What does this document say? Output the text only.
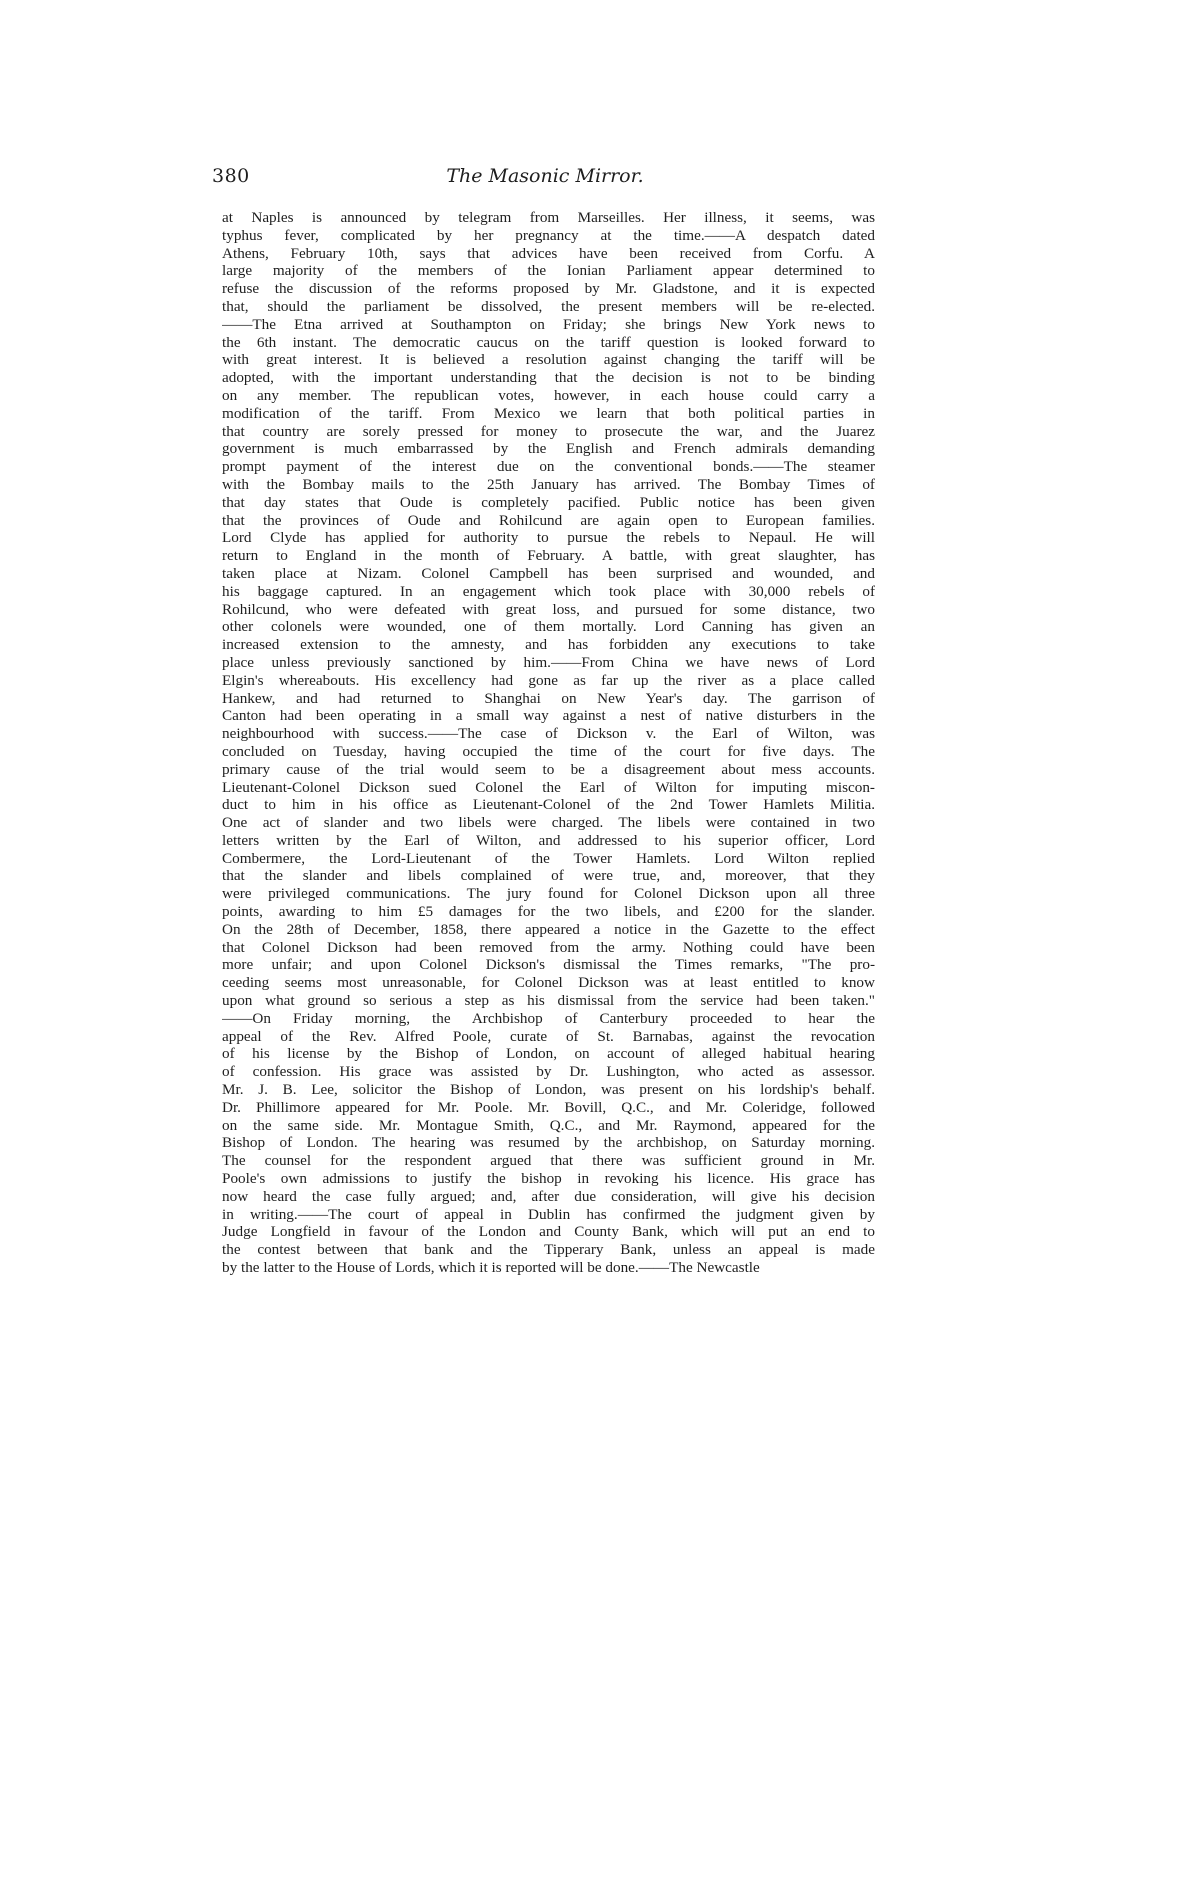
380	The Masonic Mirror.
at Naples is announced by telegram from Marseilles. Her illness, it seems, was
typhus fever, complicated by her pregnancy at the time.——A despatch dated
Athens, February 10th, says that advices have been received from Corfu. A
large majority of the members of the Ionian Parliament appear determined to
refuse the discussion of the reforms proposed by Mr. Gladstone, and it is expected
that, should the parliament be dissolved, the present members will be re-elected.
——The Etna arrived at Southampton on Friday; she brings New York news to
the 6th instant. The democratic caucus on the tariff question is looked forward to
with great interest. It is believed a resolution against changing the tariff will be
adopted, with the important understanding that the decision is not to be binding
on any member. The republican votes, however, in each house could carry a
modification of the tariff. From Mexico we learn that both political parties in
that country are sorely pressed for money to prosecute the war, and the Juarez
government is much embarrassed by the English and French admirals demanding
prompt payment of the interest due on the conventional bonds.——The steamer
with the Bombay mails to the 25th January has arrived. The Bombay Times of
that day states that Oude is completely pacified. Public notice has been given
that the provinces of Oude and Rohilcund are again open to European families.
Lord Clyde has applied for authority to pursue the rebels to Nepaul. He will
return to England in the month of February. A battle, with great slaughter, has
taken place at Nizam. Colonel Campbell has been surprised and wounded, and
his baggage captured. In an engagement which took place with 30,000 rebels of
Rohilcund, who were defeated with great loss, and pursued for some distance, two
other colonels were wounded, one of them mortally. Lord Canning has given an
increased extension to the amnesty, and has forbidden any executions to take
place unless previously sanctioned by him.——From China we have news of Lord
Elgin's whereabouts. His excellency had gone as far up the river as a place called
Hankew, and had returned to Shanghai on New Year's day. The garrison of
Canton had been operating in a small way against a nest of native disturbers in the
neighbourhood with success.——The case of Dickson v. the Earl of Wilton, was
concluded on Tuesday, having occupied the time of the court for five days. The
primary cause of the trial would seem to be a disagreement about mess accounts.
Lieutenant-Colonel Dickson sued Colonel the Earl of Wilton for imputing miscon-
duct to him in his office as Lieutenant-Colonel of the 2nd Tower Hamlets Militia.
One act of slander and two libels were charged. The libels were contained in two
letters written by the Earl of Wilton, and addressed to his superior officer, Lord
Combermere, the Lord-Lieutenant of the Tower Hamlets. Lord Wilton replied
that the slander and libels complained of were true, and, moreover, that they
were privileged communications. The jury found for Colonel Dickson upon all three
points, awarding to him £5 damages for the two libels, and £200 for the slander.
On the 28th of December, 1858, there appeared a notice in the Gazette to the effect
that Colonel Dickson had been removed from the army. Nothing could have been
more unfair; and upon Colonel Dickson's dismissal the Times remarks, "The pro-
ceeding seems most unreasonable, for Colonel Dickson was at least entitled to know
upon what ground so serious a step as his dismissal from the service had been taken."
——On Friday morning, the Archbishop of Canterbury proceeded to hear the
appeal of the Rev. Alfred Poole, curate of St. Barnabas, against the revocation
of his license by the Bishop of London, on account of alleged habitual hearing
of confession. His grace was assisted by Dr. Lushington, who acted as assessor.
Mr. J. B. Lee, solicitor the Bishop of London, was present on his lordship's behalf.
Dr. Phillimore appeared for Mr. Poole. Mr. Bovill, Q.C., and Mr. Coleridge, followed
on the same side. Mr. Montague Smith, Q.C., and Mr. Raymond, appeared for the
Bishop of London. The hearing was resumed by the archbishop, on Saturday morning.
The counsel for the respondent argued that there was sufficient ground in Mr.
Poole's own admissions to justify the bishop in revoking his licence. His grace has
now heard the case fully argued; and, after due consideration, will give his decision
in writing.——The court of appeal in Dublin has confirmed the judgment given by
Judge Longfield in favour of the London and County Bank, which will put an end to
the contest between that bank and the Tipperary Bank, unless an appeal is made
by the latter to the House of Lords, which it is reported will be done.——The Newcastle
